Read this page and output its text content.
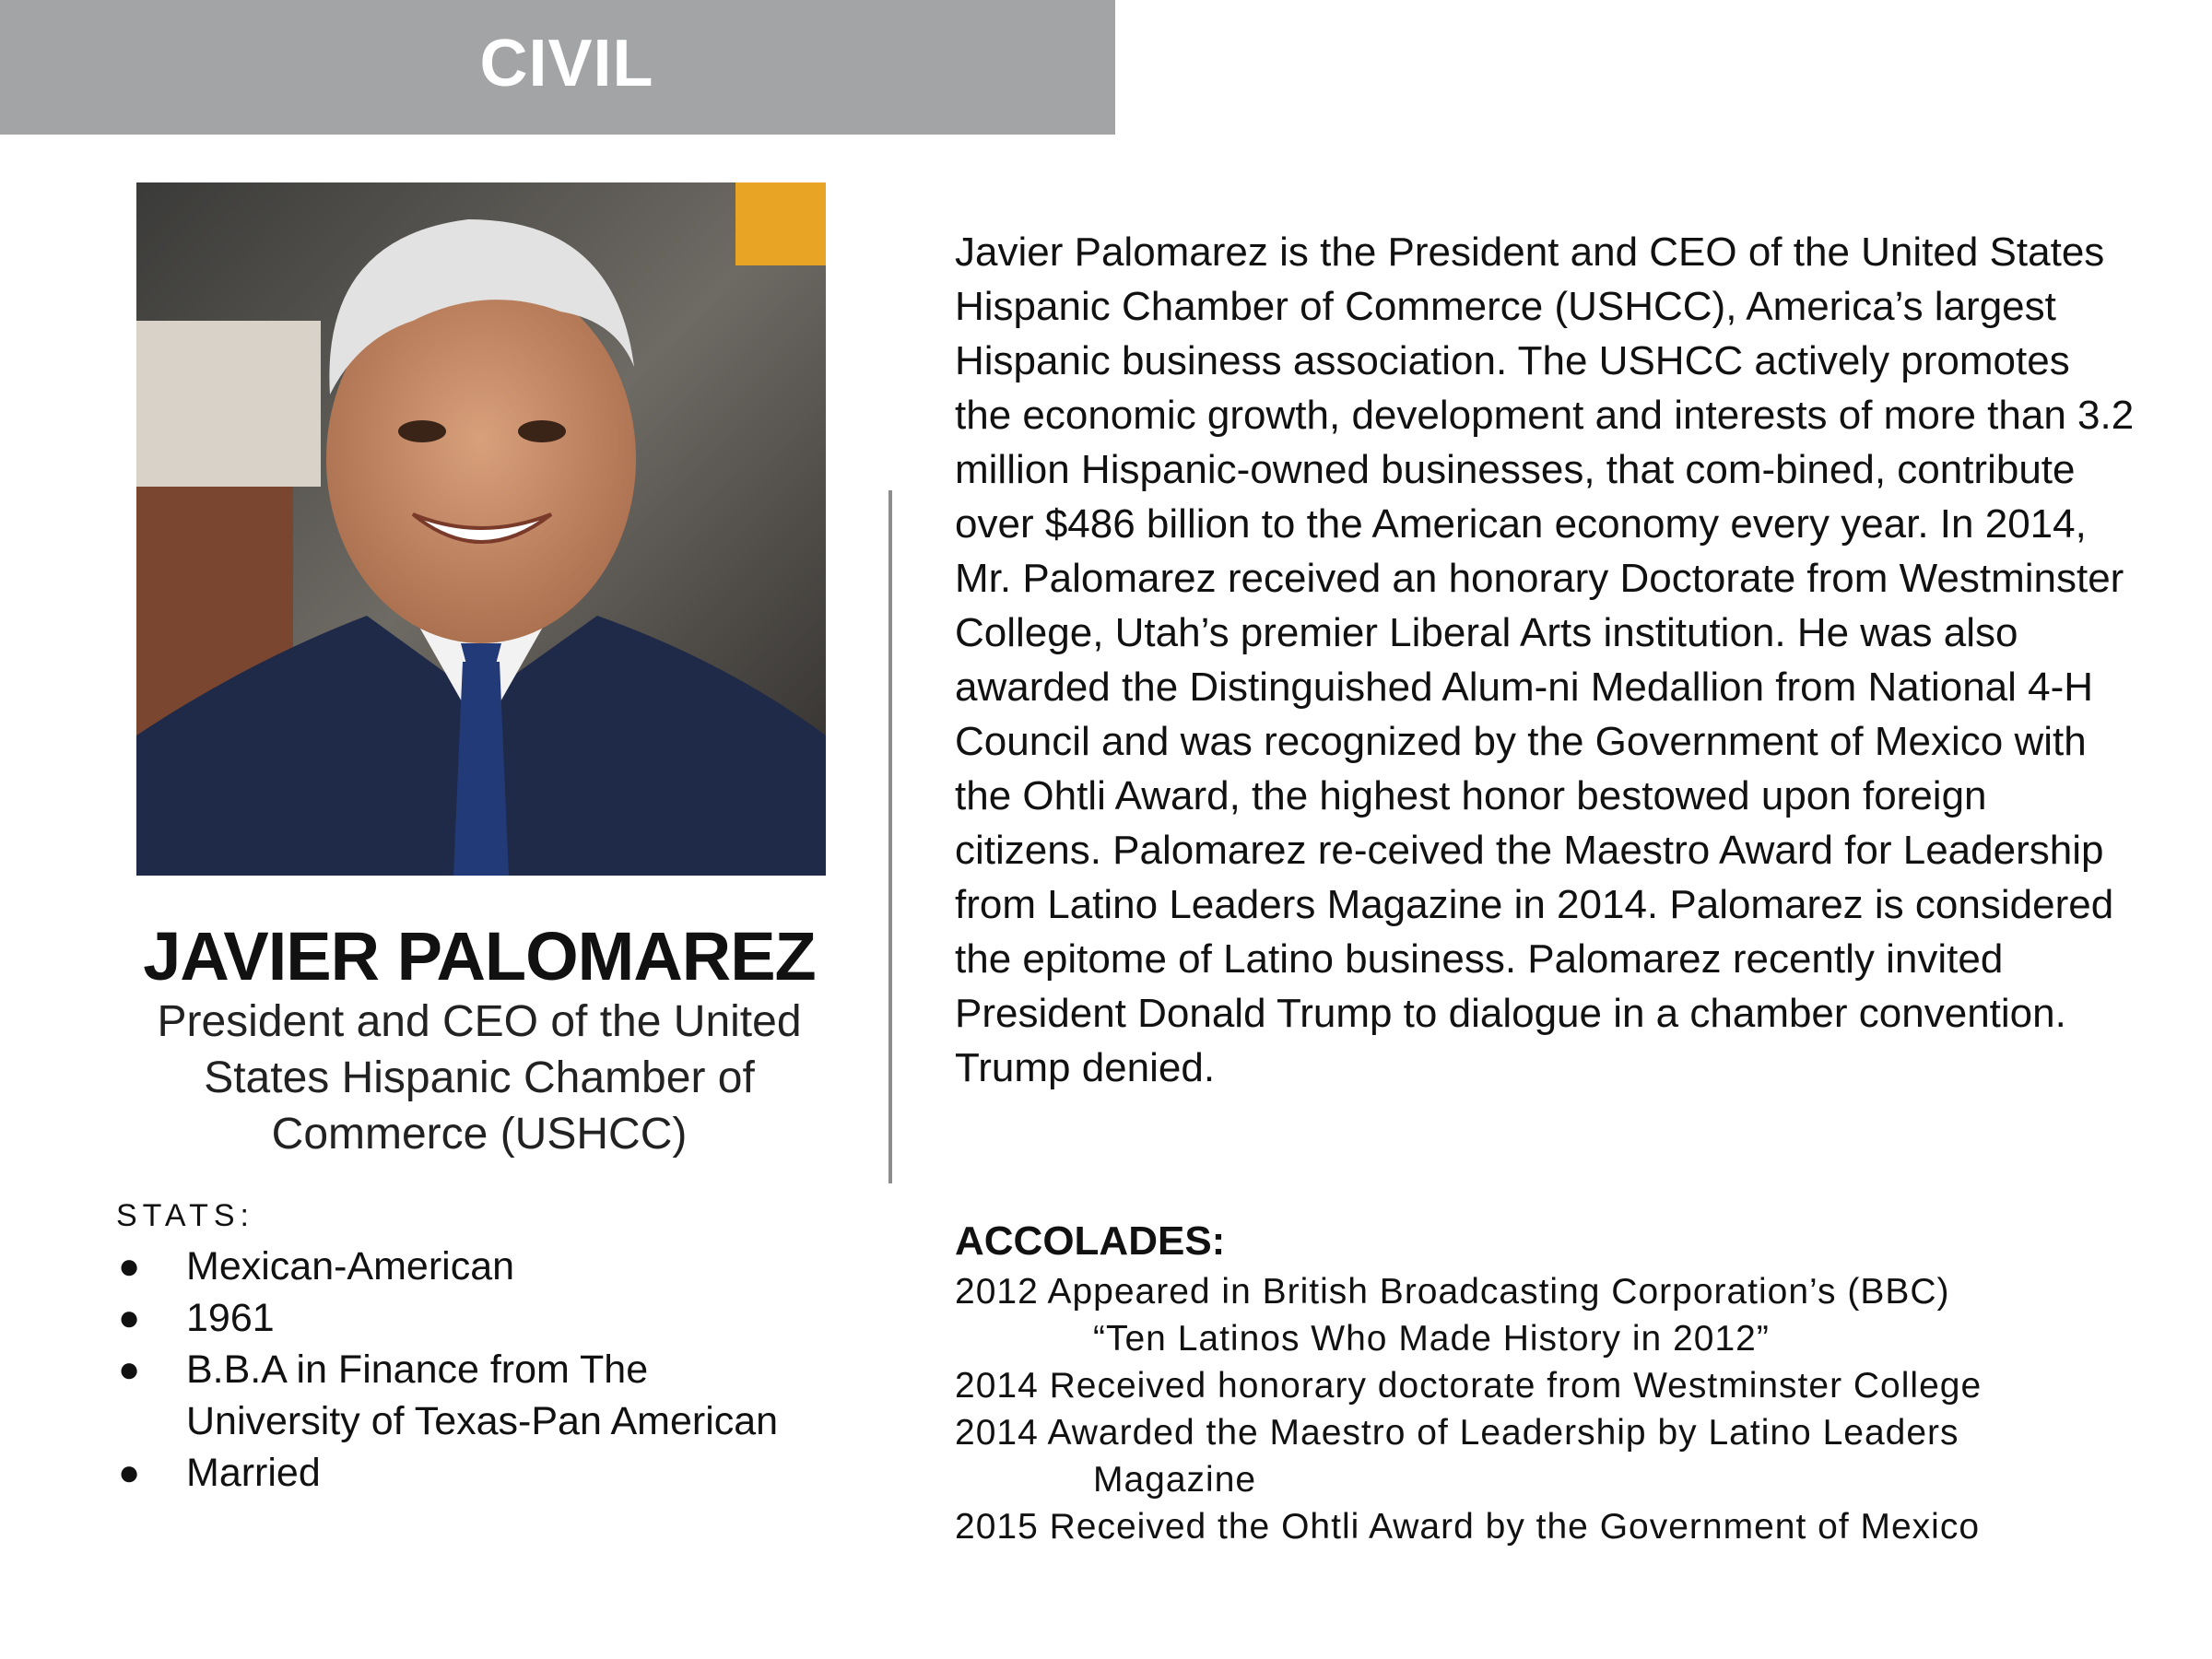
CIVIL
JAVIER PALOMAREZ
President and CEO of the United
States Hispanic Chamber of
Commerce (USHCC)
STATS:
● Mexican-American
● 1961
● B.B.A in Finance from The
University of Texas-Pan American
● Married
Javier Palomarez is the President and CEO of the United States Hispanic Chamber of Commerce (USHCC), America’s largest Hispanic business association. The USHCC actively promotes the economic growth, development and interests of more than 3.2 million Hispanic-owned businesses, that com-bined, contribute over $486 billion to the American economy every year. In 2014, Mr. Palomarez received an honorary Doctorate from Westminster College, Utah’s premier Liberal Arts institution. He was also awarded the Distinguished Alum-ni Medallion from National 4-H Council and was recognized by the Government of Mexico with the Ohtli Award, the highest honor bestowed upon foreign citizens. Palomarez re-ceived the Maestro Award for Leadership from Latino Leaders Magazine in 2014. Palomarez is considered the epitome of Latino business. Palomarez recently invited President Donald Trump to dialogue in a chamber convention. Trump denied.
ACCOLADES:
2012 Appeared in British Broadcasting Corporation’s (BBC)
“Ten Latinos Who Made History in 2012”
2014 Received honorary doctorate from Westminster College
2014 Awarded the Maestro of Leadership by Latino Leaders
Magazine
2015 Received the Ohtli Award by the Government of Mexico
